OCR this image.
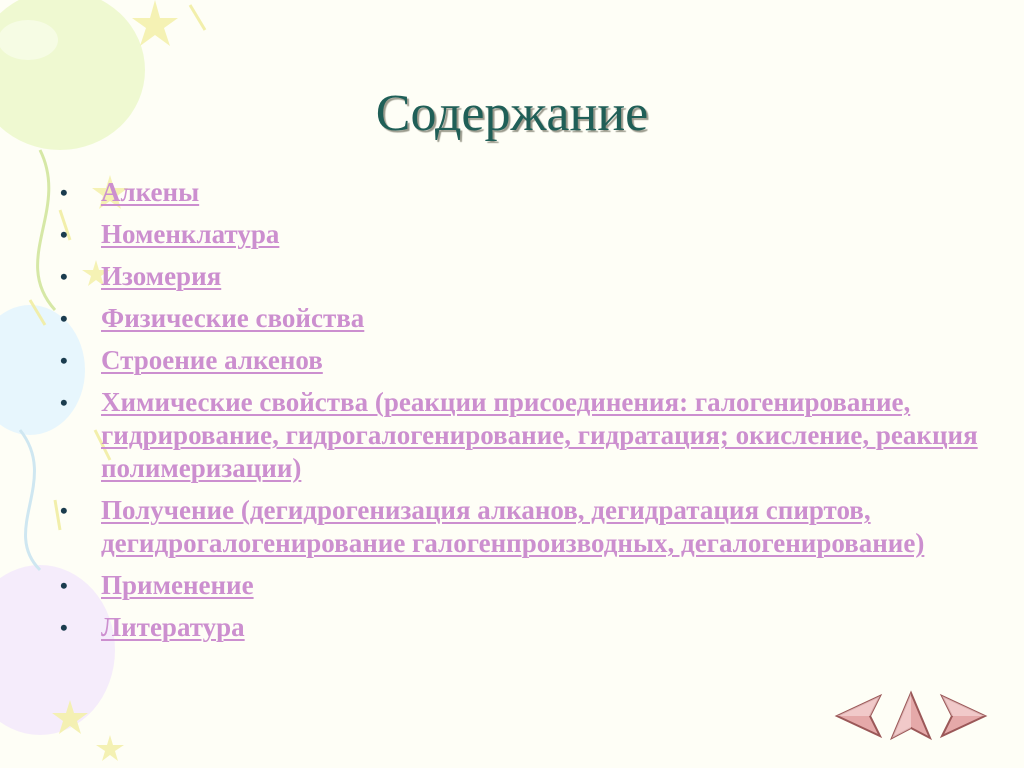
Содержание
•	Алкены
•	Номенклатура
•	Изомерия
•	Физические свойства
•	Строение алкенов
•	Химические свойства (реакции присоединения: галогенирование, гидрирование, гидрогалогенирование, гидратация; окисление, реакция полимеризации)
•	Получение (дегидрогенизация алканов, дегидратация спиртов, дегидрогалогенирование галогенпроизводных, дегалогенирование)
•	Применение
•	Литература
